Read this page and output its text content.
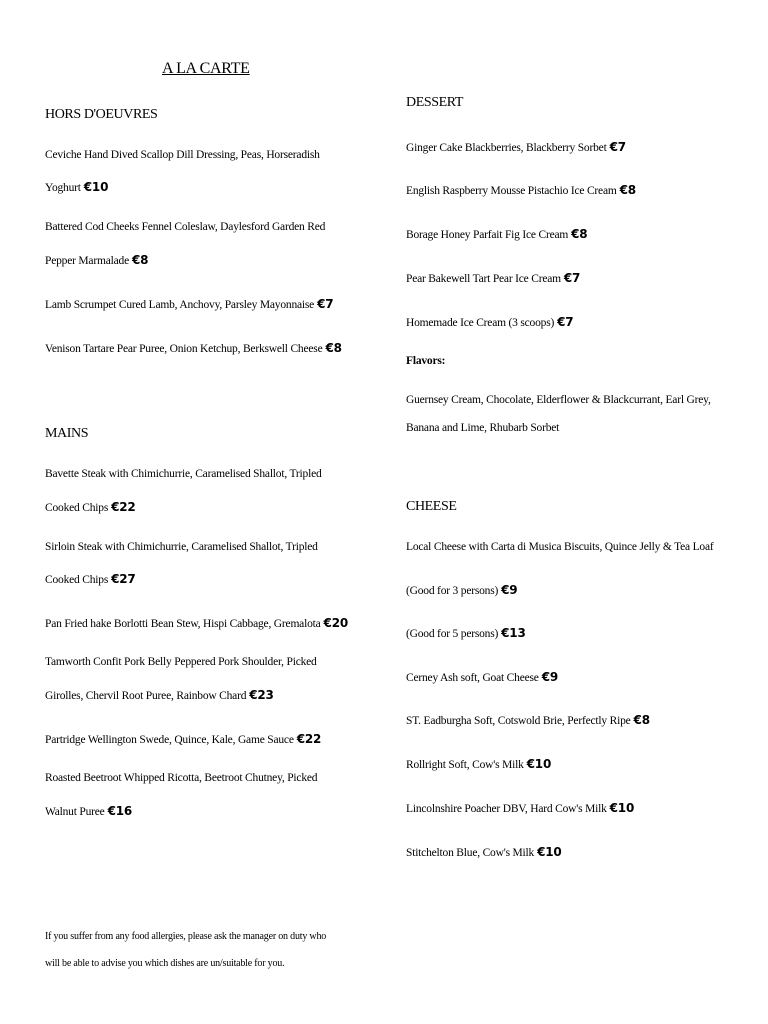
A LA CARTE
HORS D'OEUVRES
Ceviche Hand Dived Scallop Dill Dressing, Peas, Horseradish
Yoghurt €10
Battered Cod Cheeks Fennel Coleslaw, Daylesford Garden Red
Pepper Marmalade €8
Lamb Scrumpet Cured Lamb, Anchovy, Parsley Mayonnaise €7
Venison Tartare Pear Puree, Onion Ketchup, Berkswell Cheese €8
MAINS
Bavette Steak with Chimichurrie, Caramelised Shallot, Tripled
Cooked Chips €22
Sirloin Steak with Chimichurrie, Caramelised Shallot, Tripled
Cooked Chips €27
Pan Fried hake Borlotti Bean Stew, Hispi Cabbage, Gremalota €20
Tamworth Confit Pork Belly Peppered Pork Shoulder, Picked
Girolles, Chervil Root Puree, Rainbow Chard €23
Partridge Wellington Swede, Quince, Kale, Game Sauce €22
Roasted Beetroot Whipped Ricotta, Beetroot Chutney, Picked
Walnut Puree €16
If you suffer from any food allergies, please ask the manager on duty who
will be able to advise you which dishes are un/suitable for you.
DESSERT
Ginger Cake Blackberries, Blackberry Sorbet €7
English Raspberry Mousse Pistachio Ice Cream €8
Borage Honey Parfait Fig Ice Cream €8
Pear Bakewell Tart Pear Ice Cream €7
Homemade Ice Cream (3 scoops) €7
Flavors:
Guernsey Cream, Chocolate, Elderflower & Blackcurrant, Earl Grey,
Banana and Lime, Rhubarb Sorbet
CHEESE
Local Cheese with Carta di Musica Biscuits, Quince Jelly & Tea Loaf
(Good for 3 persons) €9
(Good for 5 persons) €13
Cerney Ash soft, Goat Cheese €9
ST. Eadburgha Soft, Cotswold Brie, Perfectly Ripe €8
Rollright Soft, Cow's Milk €10
Lincolnshire Poacher DBV, Hard Cow's Milk €10
Stitchelton Blue, Cow's Milk €10
